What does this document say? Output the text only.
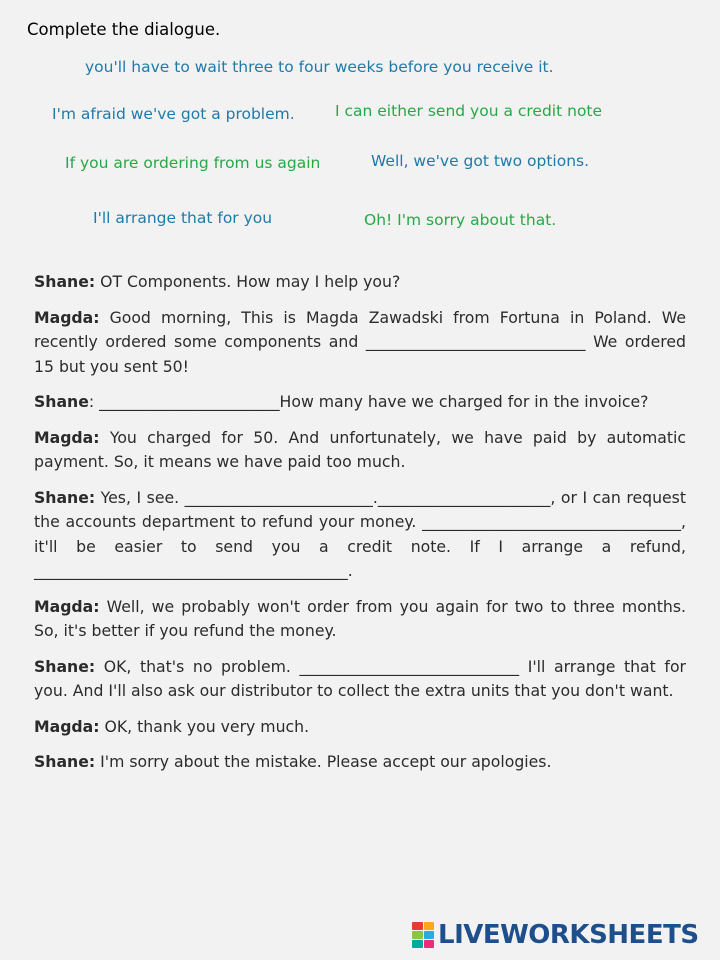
Complete the dialogue.
you'll have to wait three to four weeks before you receive it.
I'm afraid we've got a problem.	I can either send you a credit note
If you are ordering from us again	Well, we've got two options.
I'll arrange that for you	Oh! I'm sorry about that.

Shane: OT Components. How may I help you?

Magda: Good morning, This is Magda Zawadski from Fortuna in Poland. We recently ordered some components and ____________________________ We ordered 15 but you sent 50!

Shane: _______________________How many have we charged for in the invoice?

Magda: You charged for 50. And unfortunately, we have paid by automatic payment. So, it means we have paid too much.

Shane: Yes, I see. ________________________.______________________, or I can request the accounts department to refund your money. _________________________________, it'll be easier to send you a credit note. If I arrange a refund, ________________________________________.

Magda: Well, we probably won't order from you again for two to three months. So, it's better if you refund the money.

Shane: OK, that's no problem. ____________________________ I'll arrange that for you. And I'll also ask our distributor to collect the extra units that you don't want.

Magda: OK, thank you very much.

Shane: I'm sorry about the mistake. Please accept our apologies.

LIVEWORKSHEETS
